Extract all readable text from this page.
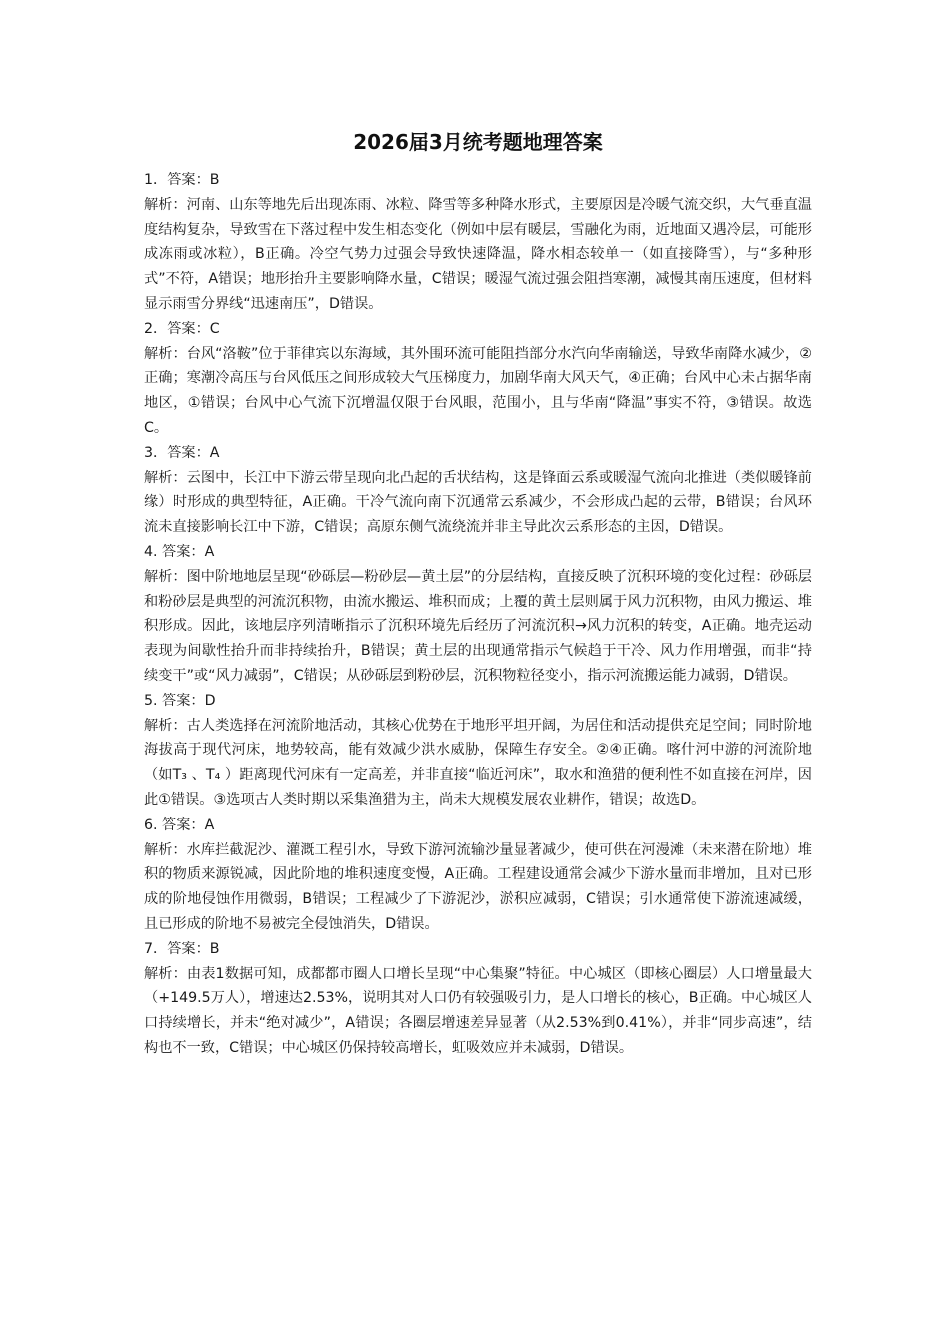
2026届3月统考题地理答案

1．答案：B

解析：河南、山东等地先后出现冻雨、冰粒、降雪等多种降水形式，主要原因是冷暖气流交织，大气垂直温度结构复杂，导致雪在下落过程中发生相态变化（例如中层有暖层，雪融化为雨，近地面又遇冷层，可能形成冻雨或冰粒），B正确。冷空气势力过强会导致快速降温，降水相态较单一（如直接降雪），与“多种形式”不符，A错误；地形抬升主要影响降水量，C错误；暖湿气流过强会阻挡寒潮，减慢其南压速度，但材料显示雨雪分界线“迅速南压”，D错误。

2．答案：C

解析：台风“洛鞍”位于菲律宾以东海域，其外围环流可能阻挡部分水汽向华南输送，导致华南降水减少，②正确；寒潮冷高压与台风低压之间形成较大气压梯度力，加剧华南大风天气，④正确；台风中心未占据华南地区，①错误；台风中心气流下沉增温仅限于台风眼，范围小，且与华南“降温”事实不符，③错误。故选C。

3．答案：A

解析：云图中，长江中下游云带呈现向北凸起的舌状结构，这是锋面云系或暖湿气流向北推进（类似暖锋前缘）时形成的典型特征，A正确。干冷气流向南下沉通常云系减少，不会形成凸起的云带，B错误；台风环流未直接影响长江中下游，C错误；高原东侧气流绕流并非主导此次云系形态的主因，D错误。

4. 答案：A

解析：图中阶地地层呈现“砂砾层—粉砂层—黄土层”的分层结构，直接反映了沉积环境的变化过程：砂砾层和粉砂层是典型的河流沉积物，由流水搬运、堆积而成；上覆的黄土层则属于风力沉积物，由风力搬运、堆积形成。因此，该地层序列清晰指示了沉积环境先后经历了河流沉积→风力沉积的转变，A正确。地壳运动表现为间歇性抬升而非持续抬升，B错误；黄土层的出现通常指示气候趋于干冷、风力作用增强，而非“持续变干”或“风力减弱”，C错误；从砂砾层到粉砂层，沉积物粒径变小，指示河流搬运能力减弱，D错误。

5. 答案：D

解析：古人类选择在河流阶地活动，其核心优势在于地形平坦开阔，为居住和活动提供充足空间；同时阶地海拔高于现代河床，地势较高，能有效减少洪水威胁，保障生存安全。②④正确。喀什河中游的河流阶地（如T₃ 、T₄ ）距离现代河床有一定高差，并非直接“临近河床”，取水和渔猎的便利性不如直接在河岸，因此①错误。③选项古人类时期以采集渔猎为主，尚未大规模发展农业耕作，错误；故选D。

6. 答案：A

解析：水库拦截泥沙、灌溉工程引水，导致下游河流输沙量显著减少，使可供在河漫滩（未来潜在阶地）堆积的物质来源锐减，因此阶地的堆积速度变慢，A正确。工程建设通常会减少下游水量而非增加，且对已形成的阶地侵蚀作用微弱，B错误；工程减少了下游泥沙，淤积应减弱，C错误；引水通常使下游流速减缓，且已形成的阶地不易被完全侵蚀消失，D错误。

7．答案：B

解析：由表1数据可知，成都都市圈人口增长呈现“中心集聚”特征。中心城区（即核心圈层）人口增量最大（+149.5万人），增速达2.53%，说明其对人口仍有较强吸引力，是人口增长的核心，B正确。中心城区人口持续增长，并未“绝对减少”，A错误；各圈层增速差异显著（从2.53%到0.41%），并非“同步高速”，结构也不一致，C错误；中心城区仍保持较高增长，虹吸效应并未减弱，D错误。
